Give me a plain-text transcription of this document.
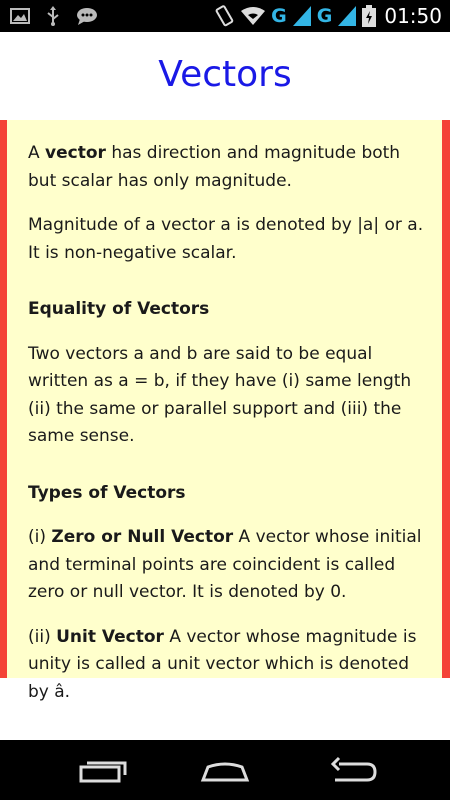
G G	01:50
Vectors

A vector has direction and magnitude both but scalar has only magnitude.

Magnitude of a vector a is denoted by |a| or a. It is non-negative scalar.

Equality of Vectors

Two vectors a and b are said to be equal written as a = b, if they have (i) same length (ii) the same or parallel support and (iii) the same sense.

Types of Vectors

(i) Zero or Null Vector A vector whose initial and terminal points are coincident is called zero or null vector. It is denoted by 0.

(ii) Unit Vector A vector whose magnitude is unity is called a unit vector which is denoted by â.
